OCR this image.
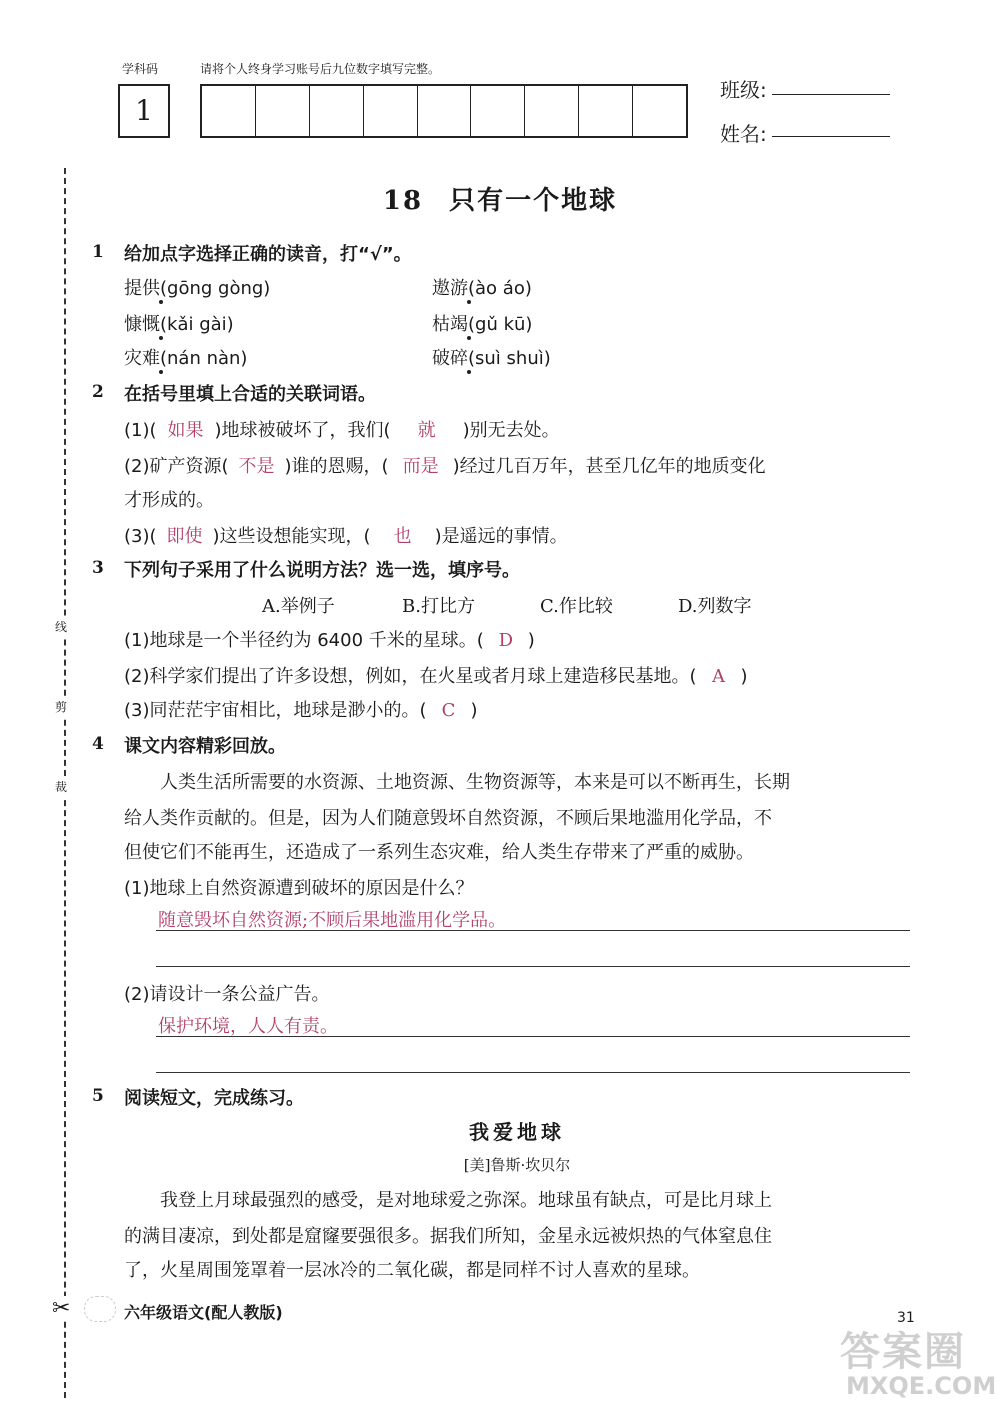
学科码	请将个人终身学习账号后九位数字填写完整。
1
班级:
姓名:
线
剪
裁
✂
18 只有一个地球
1 给加点字选择正确的读音，打“√”。
提供(gōng gòng)	遨游(ào áo)
慷慨(kǎi gài)	枯竭(gǔ kū)
灾难(nán nàn)	破碎(suì shuì)
2 在括号里填上合适的关联词语。
(1)( 如果 )地球被破坏了，我们( 就 )别无去处。
(2)矿产资源( 不是 )谁的恩赐，( 而是 )经过几百万年，甚至几亿年的地质变化
才形成的。
(3)( 即使 )这些设想能实现，( 也 )是遥远的事情。
3 下列句子采用了什么说明方法？选一选，填序号。
A.举例子	B.打比方	C.作比较	D.列数字
(1)地球是一个半径约为 6400 千米的星球。( D )
(2)科学家们提出了许多设想，例如，在火星或者月球上建造移民基地。( A )
(3)同茫茫宇宙相比，地球是渺小的。( C )
4 课文内容精彩回放。
人类生活所需要的水资源、土地资源、生物资源等，本来是可以不断再生，长期
给人类作贡献的。但是，因为人们随意毁坏自然资源，不顾后果地滥用化学品，不
但使它们不能再生，还造成了一系列生态灾难，给人类生存带来了严重的威胁。
(1)地球上自然资源遭到破坏的原因是什么？
随意毁坏自然资源;不顾后果地滥用化学品。
(2)请设计一条公益广告。
保护环境，人人有责。
5 阅读短文，完成练习。
我爱地球
[美]鲁斯·坎贝尔
我登上月球最强烈的感受，是对地球爱之弥深。地球虽有缺点，可是比月球上
的满目凄凉，到处都是窟窿要强很多。据我们所知，金星永远被炽热的气体窒息住
了，火星周围笼罩着一层冰冷的二氧化碳，都是同样不讨人喜欢的星球。
六年级语文(配人教版)	31
答案圈
MXQE.COM
